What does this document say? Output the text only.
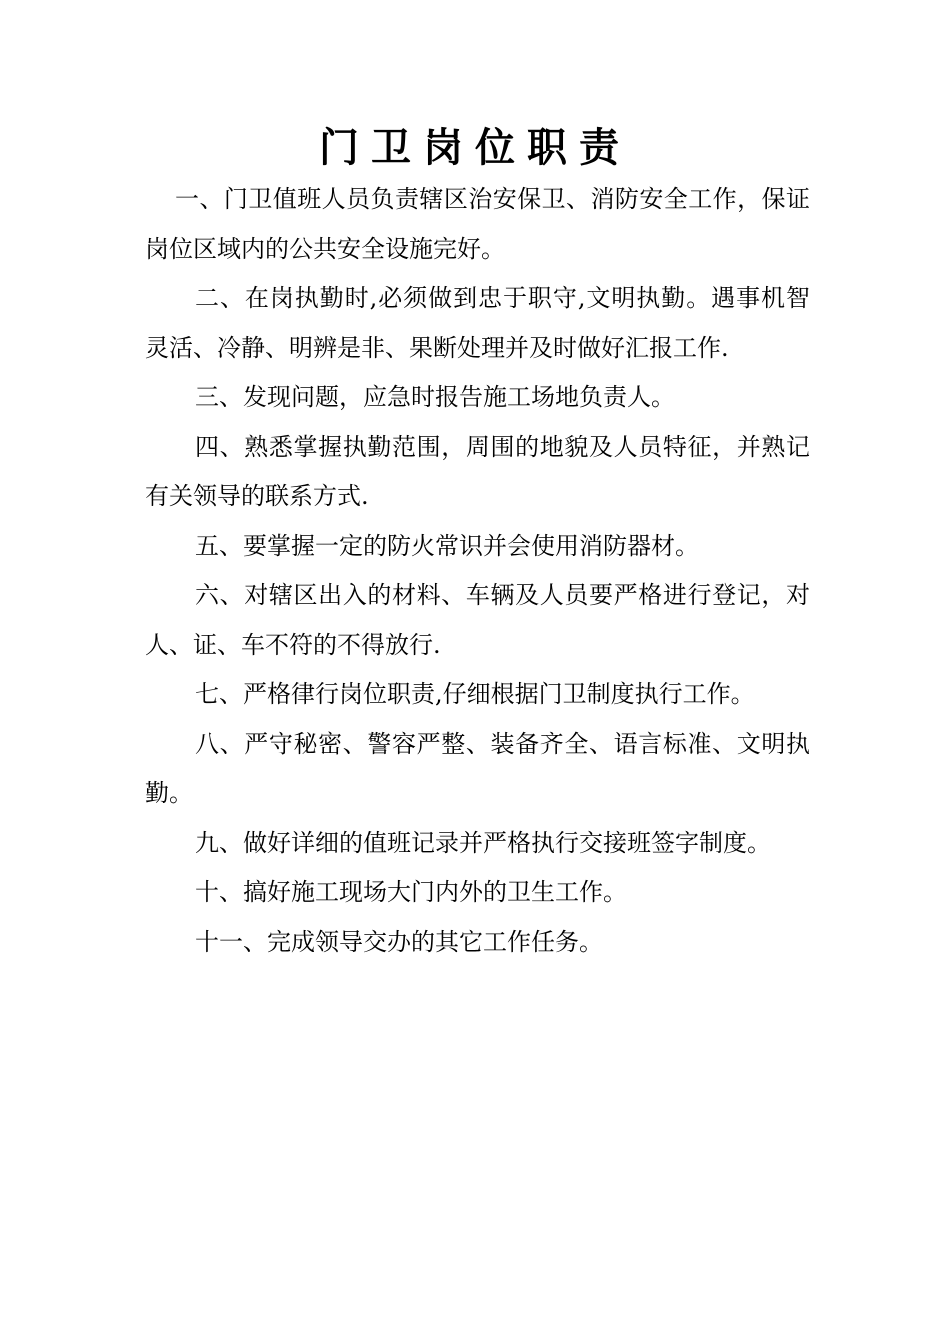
门卫岗位职责

一、门卫值班人员负责辖区治安保卫、消防安全工作，保证岗位区域内的公共安全设施完好。

二、在岗执勤时,必须做到忠于职守,文明执勤。遇事机智灵活、冷静、明辨是非、果断处理并及时做好汇报工作.

三、发现问题，应急时报告施工场地负责人。

四、熟悉掌握执勤范围，周围的地貌及人员特征，并熟记有关领导的联系方式.

五、要掌握一定的防火常识并会使用消防器材。

六、对辖区出入的材料、车辆及人员要严格进行登记，对人、证、车不符的不得放行.

七、严格律行岗位职责,仔细根据门卫制度执行工作。

八、严守秘密、警容严整、装备齐全、语言标准、文明执勤。

九、做好详细的值班记录并严格执行交接班签字制度。

十、搞好施工现场大门内外的卫生工作。

十一、完成领导交办的其它工作任务。
